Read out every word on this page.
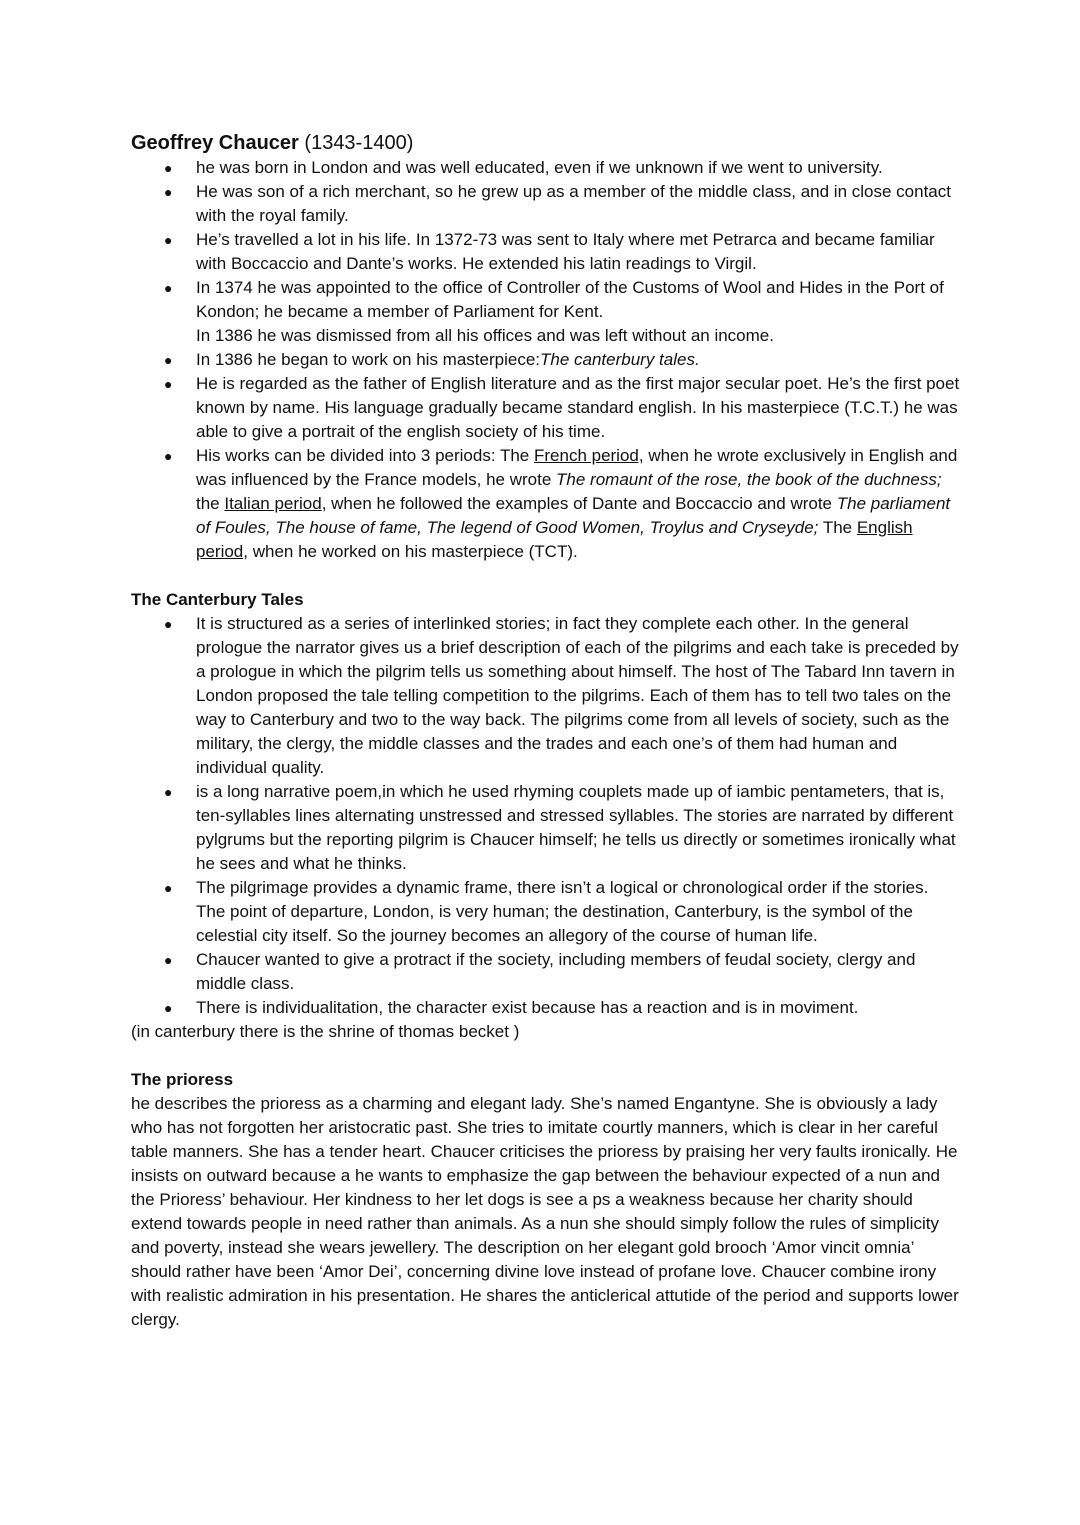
Geoffrey Chaucer (1343-1400)
● he was born in London and was well educated, even if we unknown if we went to university.
● He was son of a rich merchant, so he grew up as a member of the middle class, and in close contact with the royal family.
● He’s travelled a lot in his life. In 1372-73 was sent to Italy where met Petrarca and became familiar with Boccaccio and Dante’s works. He extended his latin readings to Virgil.
● In 1374 he was appointed to the office of Controller of the Customs of Wool and Hides in the Port of Kondon; he became a member of Parliament for Kent.
In 1386 he was dismissed from all his offices and was left without an income.
● In 1386 he began to work on his masterpiece:The canterbury tales.
● He is regarded as the father of English literature and as the first major secular poet. He’s the first poet known by name. His language gradually became standard english. In his masterpiece (T.C.T.) he was able to give a portrait of the english society of his time.
● His works can be divided into 3 periods: The French period, when he wrote exclusively in English and was influenced by the France models, he wrote The romaunt of the rose, the book of the duchness; the Italian period, when he followed the examples of Dante and Boccaccio and wrote The parliament of Foules, The house of fame, The legend of Good Women, Troylus and Cryseyde; The English period, when he worked on his masterpiece (TCT).
The Canterbury Tales
● It is structured as a series of interlinked stories; in fact they complete each other. In the general prologue the narrator gives us a brief description of each of the pilgrims and each take is preceded by a prologue in which the pilgrim tells us something about himself. The host of The Tabard Inn tavern in London proposed the tale telling competition to the pilgrims. Each of them has to tell two tales on the way to Canterbury and two to the way back. The pilgrims come from all levels of society, such as the military, the clergy, the middle classes and the trades and each one’s of them had human and individual quality.
● is a long narrative poem,in which he used rhyming couplets made up of iambic pentameters, that is, ten-syllables lines alternating unstressed and stressed syllables. The stories are narrated by different pylgrums but the reporting pilgrim is Chaucer himself; he tells us directly or sometimes ironically what he sees and what he thinks.
● The pilgrimage provides a dynamic frame, there isn’t a logical or chronological order if the stories. The point of departure, London, is very human; the destination, Canterbury, is the symbol of the celestial city itself. So the journey becomes an allegory of the course of human life.
● Chaucer wanted to give a protract if the society, including members of feudal society, clergy and middle class.
● There is individualitation, the character exist because has a reaction and is in moviment.
(in canterbury there is the shrine of thomas becket )
The prioress

he describes the prioress as a charming and elegant lady. She’s named Engantyne. She is obviously a lady who has not forgotten her aristocratic past. She tries to imitate courtly manners, which is clear in her careful table manners. She has a tender heart. Chaucer criticises the prioress by praising her very faults ironically. He insists on outward because a he wants to emphasize the gap between the behaviour expected of a nun and the Prioress’ behaviour. Her kindness to her let dogs is see a ps a weakness because her charity should extend towards people in need rather than animals. As a nun she should simply follow the rules of simplicity and poverty, instead she wears jewellery. The description on her elegant gold brooch ‘Amor vincit omnia’ should rather have been ‘Amor Dei’, concerning divine love instead of profane love. Chaucer combine irony with realistic admiration in his presentation. He shares the anticlerical attutide of the period and supports lower clergy.
